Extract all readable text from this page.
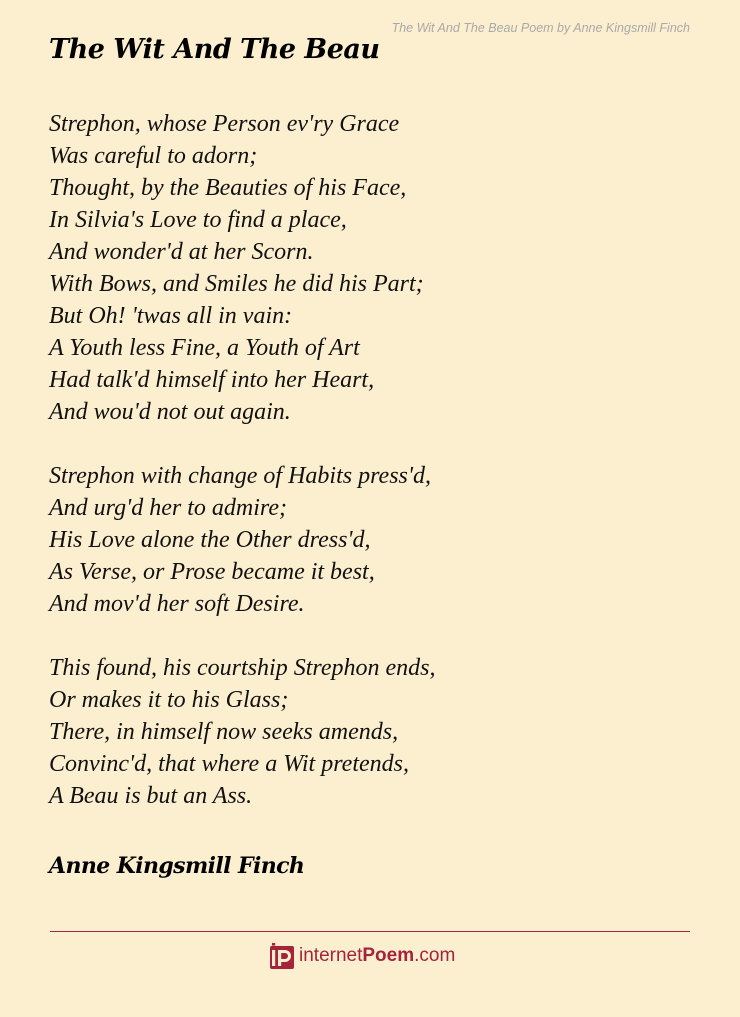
The Wit And The Beau Poem by Anne Kingsmill Finch
The Wit And The Beau
Strephon, whose Person ev'ry Grace
Was careful to adorn;
Thought, by the Beauties of his Face,
In Silvia's Love to find a place,
And wonder'd at her Scorn.
With Bows, and Smiles he did his Part;
But Oh! 'twas all in vain:
A Youth less Fine, a Youth of Art
Had talk'd himself into her Heart,
And wou'd not out again.
Strephon with change of Habits press'd,
And urg'd her to admire;
His Love alone the Other dress'd,
As Verse, or Prose became it best,
And mov'd her soft Desire.
This found, his courtship Strephon ends,
Or makes it to his Glass;
There, in himself now seeks amends,
Convinc'd, that where a Wit pretends,
A Beau is but an Ass.
Anne Kingsmill Finch
internetPoem.com
